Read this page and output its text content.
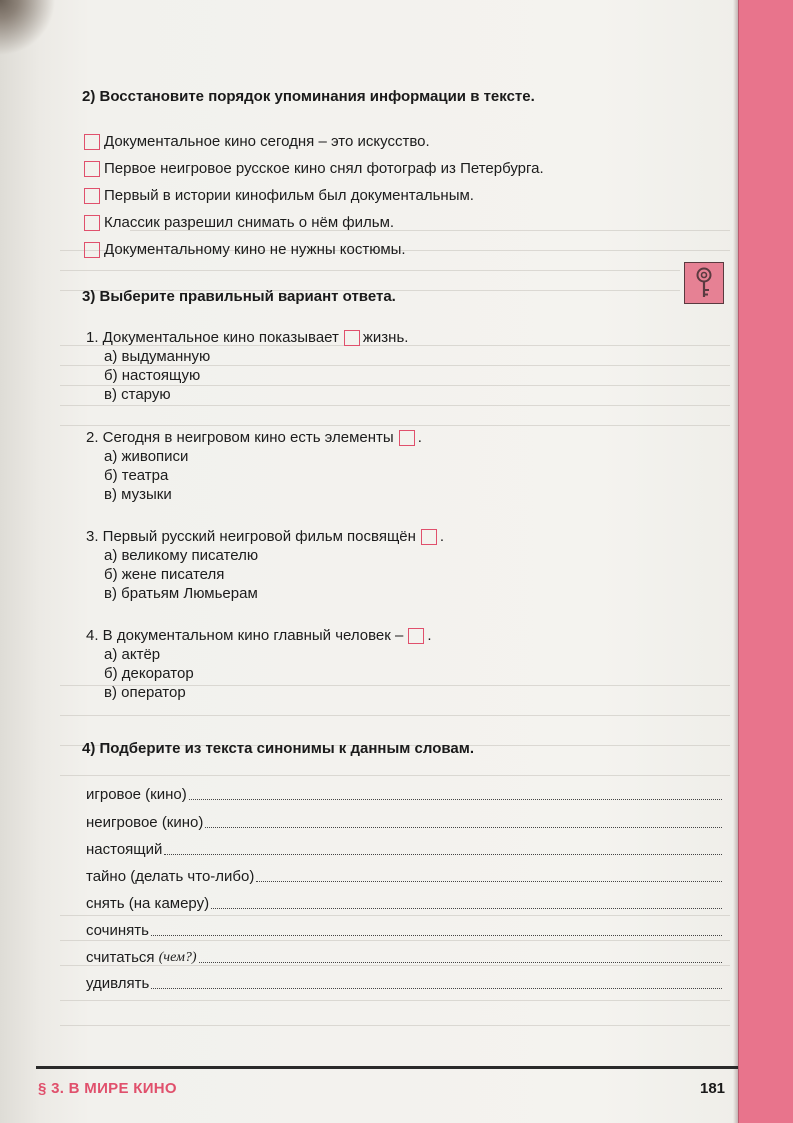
2) Восстановите порядок упоминания информации в тексте.
Документальное кино сегодня – это искусство.
Первое неигровое русское кино снял фотограф из Петербурга.
Первый в истории кинофильм был документальным.
Классик разрешил снимать о нём фильм.
Документальному кино не нужны костюмы.
3) Выберите правильный вариант ответа.
1. Документальное кино показывает жизнь.
а) выдуманную
б) настоящую
в) старую
2. Сегодня в неигровом кино есть элементы .
а) живописи
б) театра
в) музыки
3. Первый русский неигровой фильм посвящён .
а) великому писателю
б) жене писателя
в) братьям Люмьерам
4. В документальном кино главный человек – .
а) актёр
б) декоратор
в) оператор
4) Подберите из текста синонимы к данным словам.
игровое (кино)
неигровое (кино)
настоящий
тайно (делать что-либо)
снять (на камеру)
сочинять
считаться
(чем?)
удивлять
§ 3. В МИРЕ КИНО	181
